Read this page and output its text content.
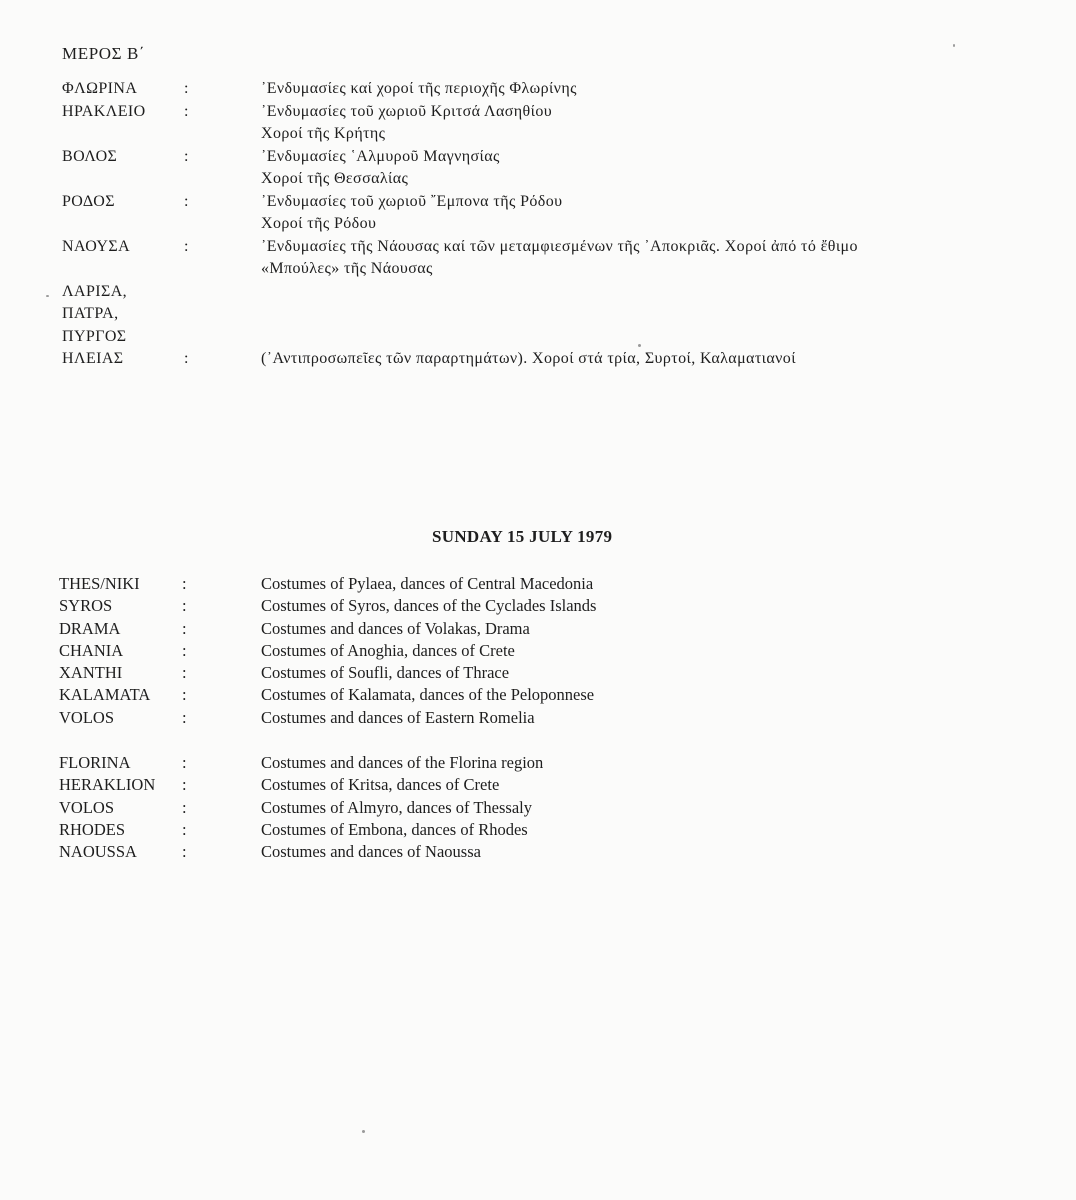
ΜΕΡΟΣ Β΄
ΦΛΩΡΙΝΑ	:	᾿Ενδυμασίες καί χοροί τῆς περιοχῆς Φλωρίνης
ΗΡΑΚΛΕΙΟ :	᾿Ενδυμασίες τοῦ χωριοῦ Κριτσά Λασηθίου
Χοροί τῆς Κρήτης
ΒΟΛΟΣ	:	᾿Ενδυμασίες ῾Αλμυροῦ Μαγνησίας
Χοροί τῆς Θεσσαλίας
ΡΟΔΟΣ	:	᾿Ενδυμασίες τοῦ χωριοῦ ῎Εμπονα τῆς Ρόδου
Χοροί τῆς Ρόδου
ΝΑΟΥΣΑ	:	᾿Ενδυμασίες τῆς Νάουσας καί τῶν μεταμφιεσμένων τῆς ᾿Αποκριᾶς. Χοροί ἀπό τό ἔθιμο
«Μπούλες» τῆς Νάουσας
ΛΑΡΙΣΑ,
ΠΑΤΡΑ,
ΠΥΡΓΟΣ
ΗΛΕΙΑΣ	:	(᾿Αντιπροσωπεῖες τῶν παραρτημάτων). Χοροί στά τρία, Συρτοί, Καλαματιανοί
SUNDAY 15 JULY 1979
THES/NIKI	:	Costumes of Pylaea, dances of Central Macedonia
SYROS	:	Costumes of Syros, dances of the Cyclades Islands
DRAMA	:	Costumes and dances of Volakas, Drama
CHANIA	:	Costumes of Anoghia, dances of Crete
XANTHI	:	Costumes of Soufli, dances of Thrace
KALAMATA :	Costumes of Kalamata, dances of the Peloponnese
VOLOS	:	Costumes and dances of Eastern Romelia
FLORINA	:	Costumes and dances of the Florina region
HERAKLION :	Costumes of Kritsa, dances of Crete
VOLOS	:	Costumes of Almyro, dances of Thessaly
RHODES	:	Costumes of Embona, dances of Rhodes
NAOUSSA	:	Costumes and dances of Naoussa
